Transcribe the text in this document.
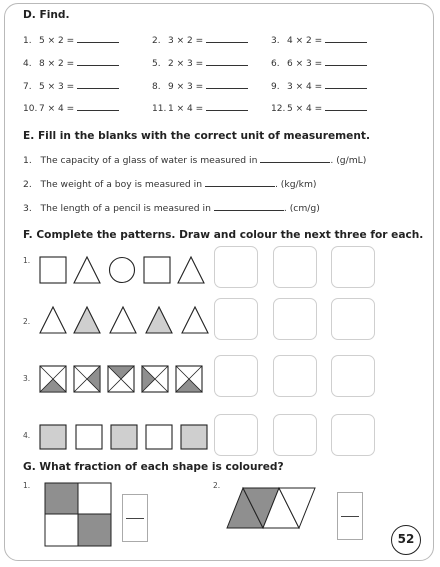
D. Find.
1. 5 × 2 =	2. 3 × 2 =	3. 4 × 2 =
4. 8 × 2 =	5. 2 × 3 =	6. 6 × 3 =
7. 5 × 3 =	8. 9 × 3 =	9. 3 × 4 =
10. 7 × 4 =	11. 1 × 4 =	12. 5 × 4 =
E. Fill in the blanks with the correct unit of measurement.
1. The capacity of a glass of water is measured in	. (g/mL)
2. The weight of a boy is measured in	. (kg/km)
3. The length of a pencil is measured in	. (cm/g)
F. Complete the patterns. Draw and colour the next three for each.
1.
2.
3.
4.
G. What fraction of each shape is coloured?
1.	2.
52
